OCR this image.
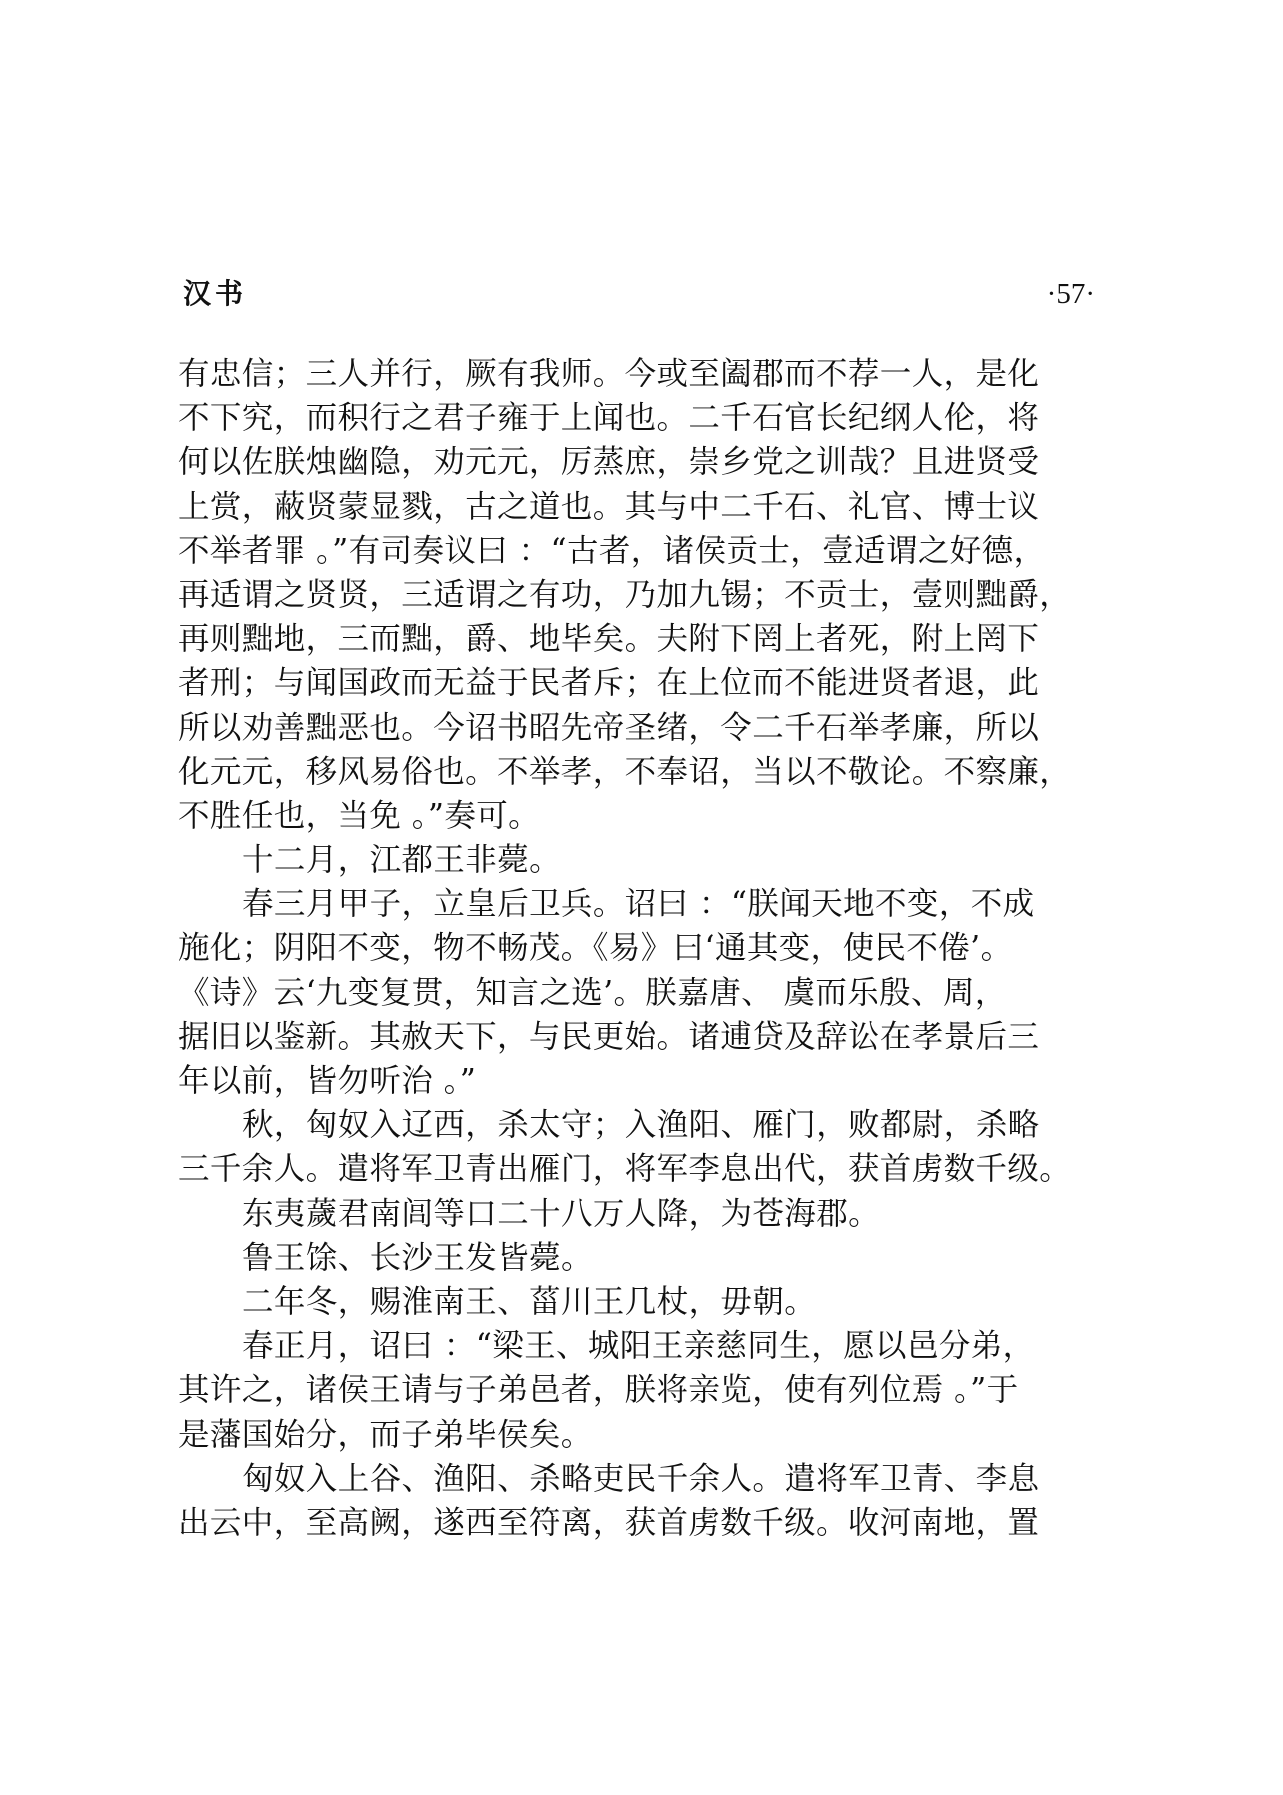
汉书	·57·
有忠信；三人并行，厥有我师。今或至阖郡而不荐一人，是化
不下究，而积行之君子雍于上闻也。二千石官长纪纲人伦，将
何以佐朕烛幽隐，劝元元，厉蒸庶，崇乡党之训哉？且进贤受
上赏，蔽贤蒙显戮，古之道也。其与中二千石、礼官、博士议
不举者罪 。”有司奏议曰 ：“古者，诸侯贡士，壹适谓之好德，
再适谓之贤贤，三适谓之有功，乃加九锡；不贡士，壹则黜爵，
再则黜地，三而黜，爵、地毕矣。夫附下罔上者死，附上罔下
者刑；与闻国政而无益于民者斥；在上位而不能进贤者退，此
所以劝善黜恶也。今诏书昭先帝圣绪，令二千石举孝廉，所以
化元元，移风易俗也。不举孝，不奉诏，当以不敬论。不察廉，
不胜任也，当免 。”奏可。
十二月，江都王非薨。
春三月甲子，立皇后卫兵。诏曰 ：“朕闻天地不变，不成
施化；阴阳不变，物不畅茂。《易》曰‘通其变，使民不倦’。
《诗》云‘九变复贯，知言之选’。朕嘉唐、 虞而乐殷、周，
据旧以鉴新。其赦天下，与民更始。诸逋贷及辞讼在孝景后三
年以前，皆勿听治 。”
秋，匈奴入辽西，杀太守；入渔阳、雁门，败都尉，杀略
三千余人。遣将军卫青出雁门，将军李息出代，获首虏数千级。
东夷薉君南闾等口二十八万人降，为苍海郡。
鲁王馀、长沙王发皆薨。
二年冬，赐淮南王、菑川王几杖，毋朝。
春正月，诏曰 ：“梁王、城阳王亲慈同生，愿以邑分弟，
其许之，诸侯王请与子弟邑者，朕将亲览，使有列位焉 。”于
是藩国始分，而子弟毕侯矣。
匈奴入上谷、渔阳、杀略吏民千余人。遣将军卫青、李息
出云中，至高阙，遂西至符离，获首虏数千级。收河南地，置
